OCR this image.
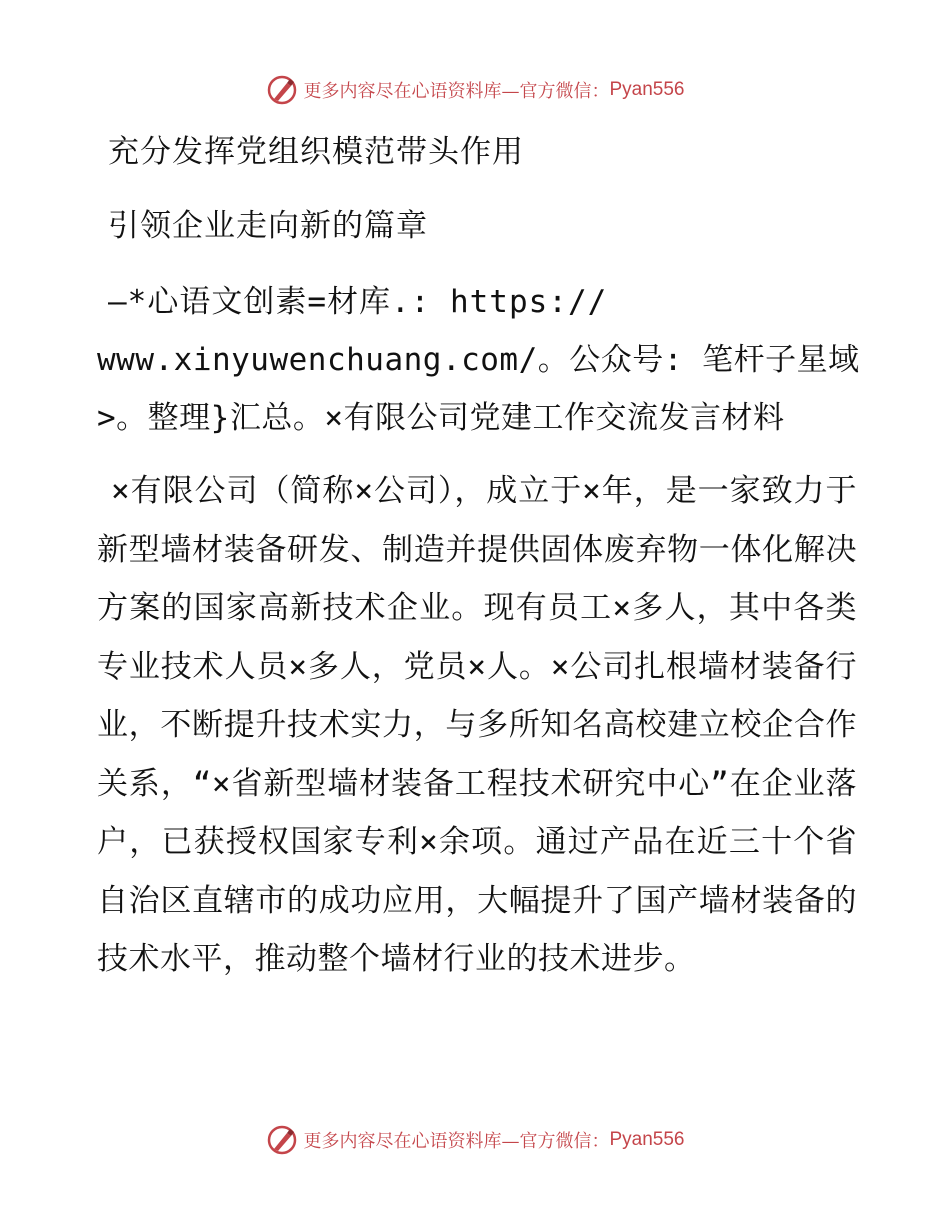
更多内容尽在心语资料库—官方微信： Pyan556
充分发挥党组织模范带头作用
引领企业走向新的篇章
—*心语文创素=材库.: https://
www.xinyuwenchuang.com/。公众号: 笔杆子星域
>。整理}汇总。×有限公司党建工作交流发言材料
×有限公司（简称×公司），成立于×年，是一家致力于新型墙材装备研发、制造并提供固体废弃物一体化解决方案的国家高新技术企业。现有员工×多人，其中各类专业技术人员×多人，党员×人。×公司扎根墙材装备行业，不断提升技术实力，与多所知名高校建立校企合作关系，“×省新型墙材装备工程技术研究中心”在企业落户，已获授权国家专利×余项。通过产品在近三十个省自治区直辖市的成功应用，大幅提升了国产墙材装备的技术水平，推动整个墙材行业的技术进步。
更多内容尽在心语资料库—官方微信： Pyan556
